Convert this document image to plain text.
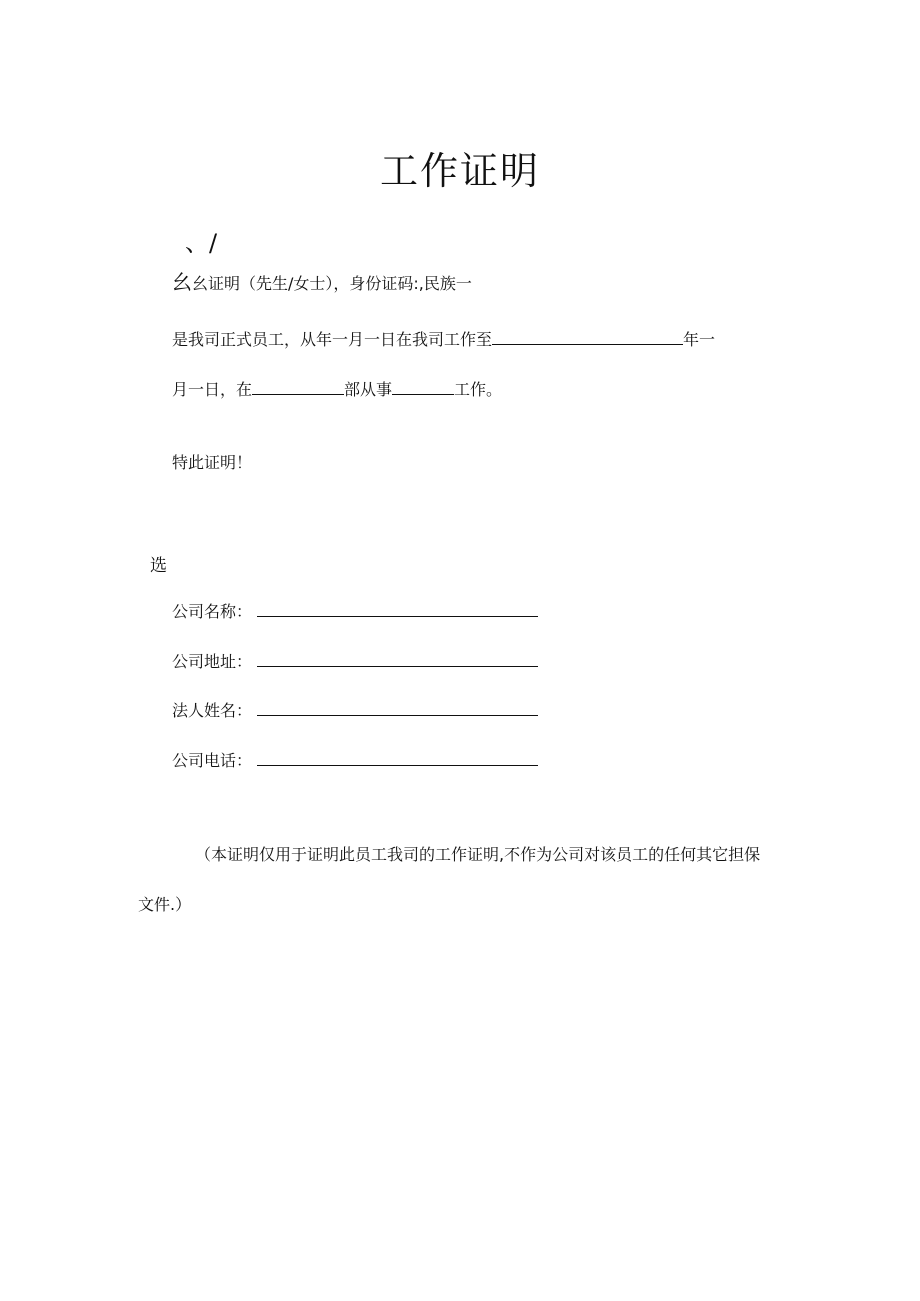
工作证明
、/
幺幺证明（先生/女士），身份证码:,民族一
是我司正式员工，从年一月一日在我司工作至	年一
月一日，在	部从事	工作。
特此证明！
选
公司名称：
公司地址：
法人姓名：
公司电话：
（本证明仅用于证明此员工我司的工作证明,不作为公司对该员工的任何其它担保
文件.）
